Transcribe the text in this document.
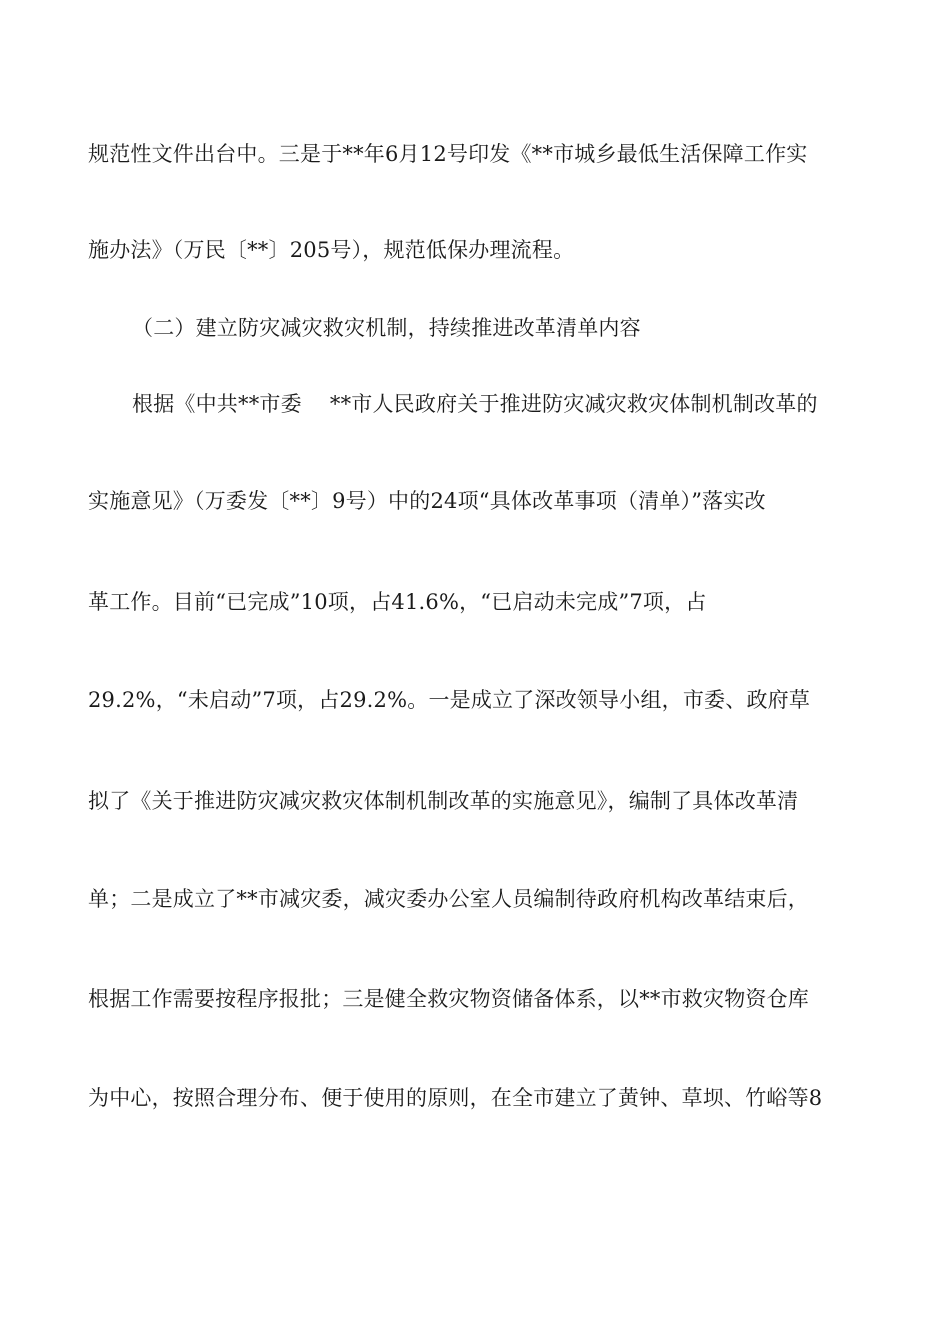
规范性文件出台中。三是于**年6月12号印发《**市城乡最低生活保障工作实
施办法》（万民〔**〕205号），规范低保办理流程。
（二）建立防灾减灾救灾机制，持续推进改革清单内容
根据《中共**市委　 **市人民政府关于推进防灾减灾救灾体制机制改革的
实施意见》（万委发〔**〕9号）中的24项“具体改革事项（清单）”落实改
革工作。目前“已完成”10项，占41.6%，“已启动未完成”7项，占
29.2%，“未启动”7项，占29.2%。一是成立了深改领导小组，市委、政府草
拟了《关于推进防灾减灾救灾体制机制改革的实施意见》，编制了具体改革清
单；二是成立了**市减灾委，减灾委办公室人员编制待政府机构改革结束后，
根据工作需要按程序报批；三是健全救灾物资储备体系，以**市救灾物资仓库
为中心，按照合理分布、便于使用的原则，在全市建立了黄钟、草坝、竹峪等8
